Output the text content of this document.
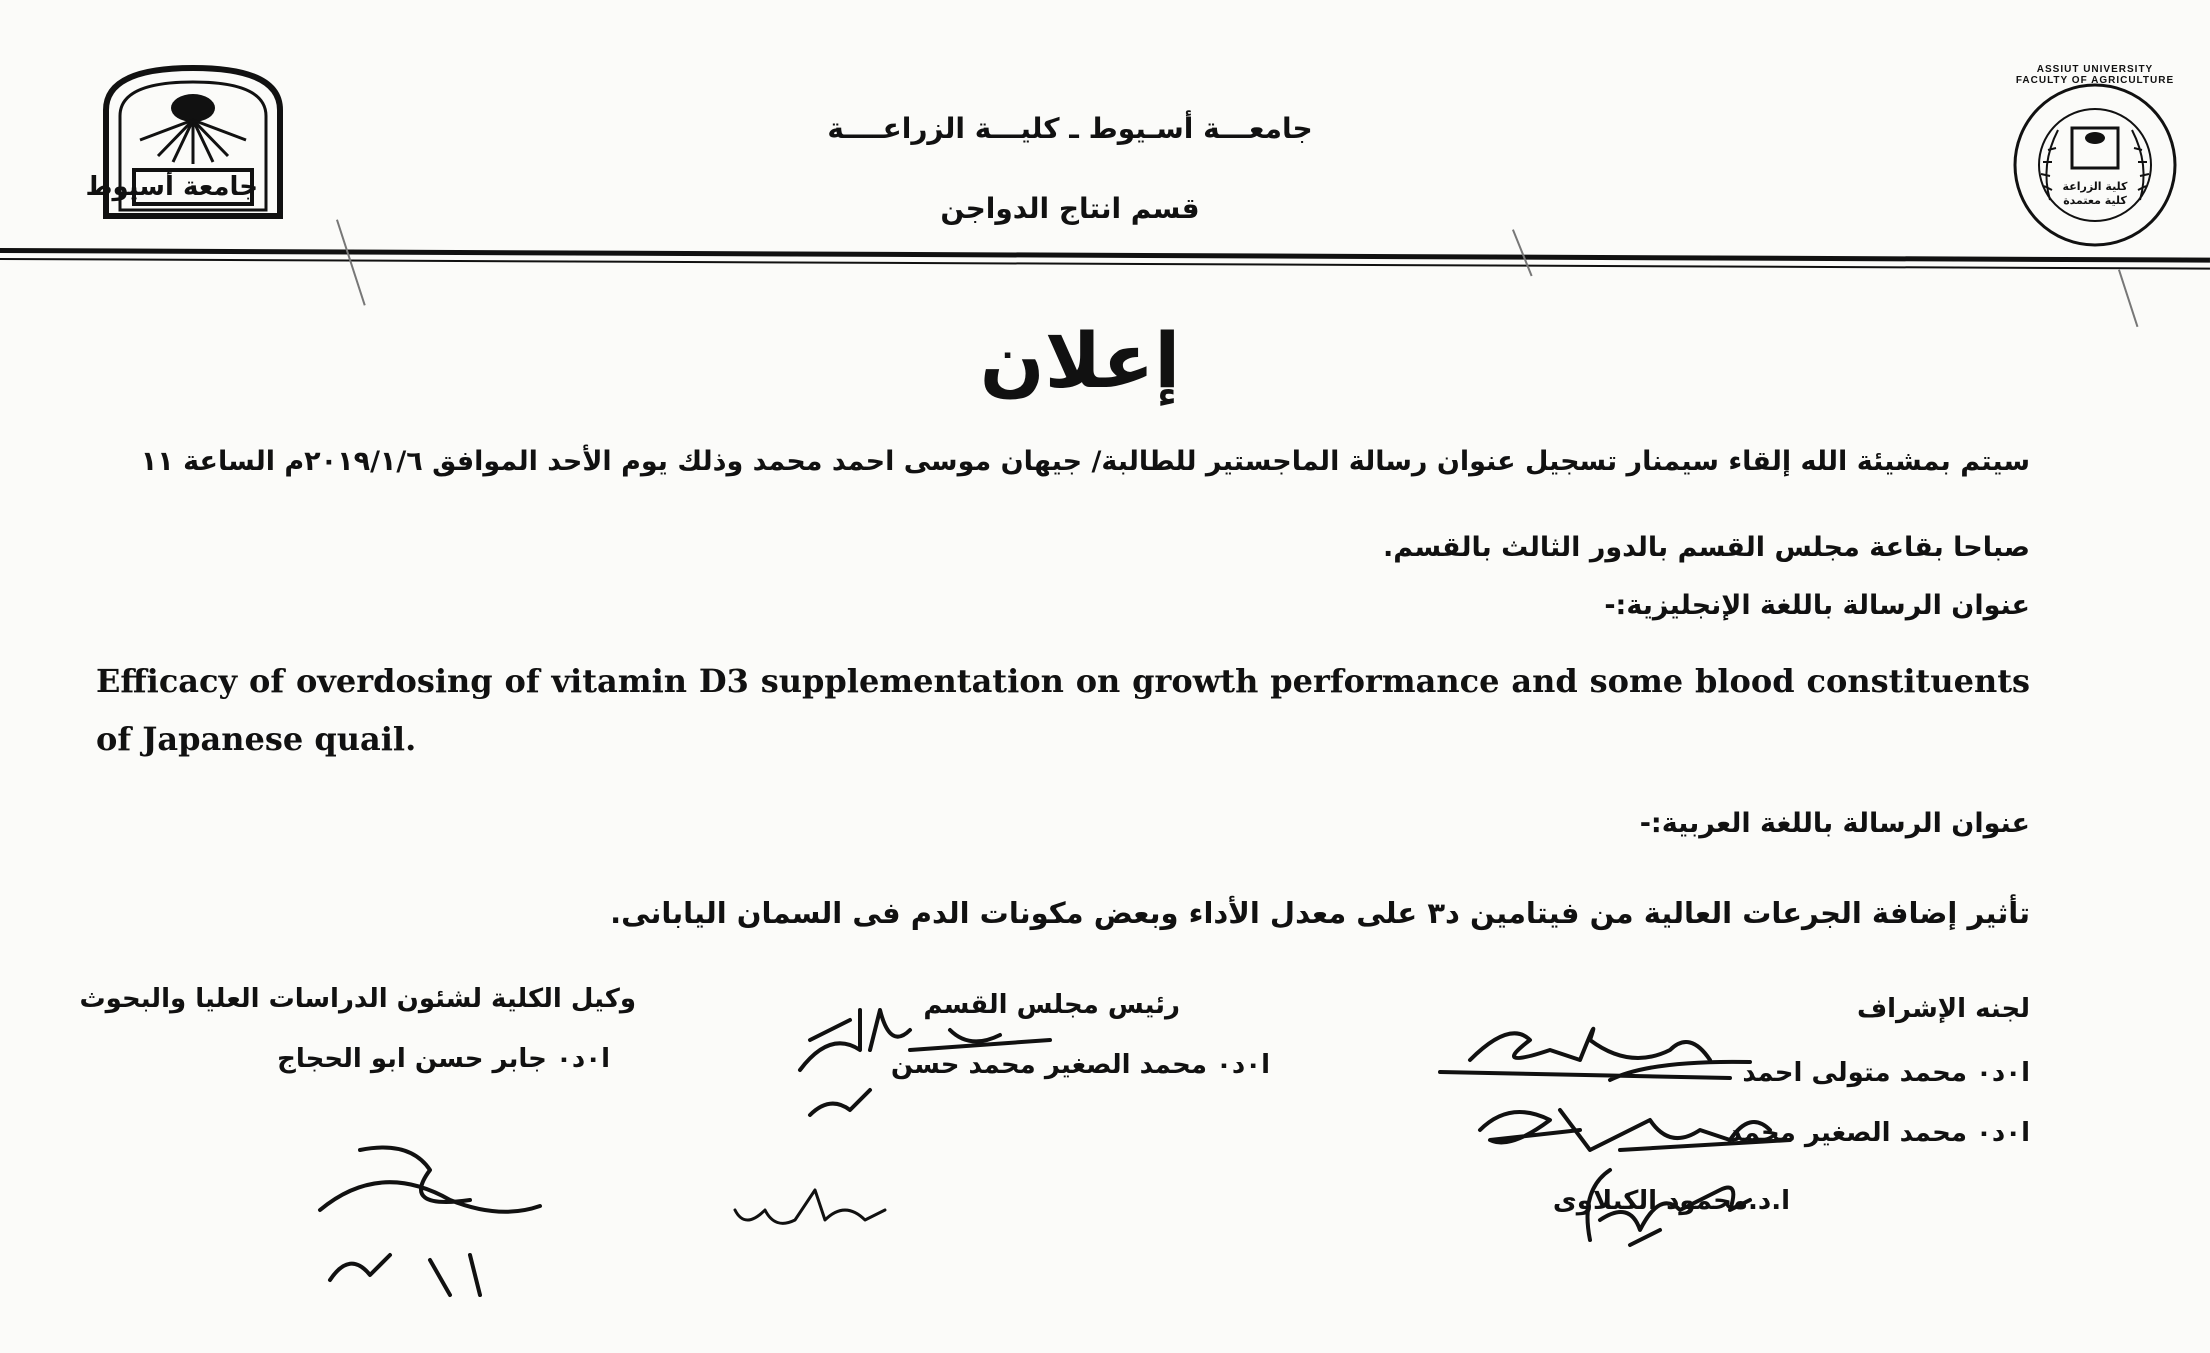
جامعة أسيوط
جامعـــة أسـيوط ـ كليـــة الزراعــــة
قسم انتاج الدواجن
كلية الزراعة كلية معتمدة
ASSIUT UNIVERSITY FACULTY OF AGRICULTURE
إعلان
سيتم بمشيئة الله إلقاء سيمنار تسجيل عنوان رسالة الماجستير للطالبة/ جيهان موسى احمد محمد وذلك يوم الأحد الموافق ٢٠١٩/١/٦م الساعة ١١
صباحا بقاعة مجلس القسم بالدور الثالث بالقسم.
عنوان الرسالة باللغة الإنجليزية:-
Efficacy of overdosing of vitamin D3 supplementation on growth performance and some blood constituents of Japanese quail.
عنوان الرسالة باللغة العربية:-
تأثير إضافة الجرعات العالية من فيتامين د٣ على معدل الأداء وبعض مكونات الدم فى السمان اليابانى.
لجنه الإشراف
ا٠د٠ محمد متولى احمد
ا٠د٠ محمد الصغير محمد
ا.د.محمود الكيلاوى
رئيس مجلس القسم
ا٠د٠ محمد الصغير محمد حسن
وكيل الكلية لشئون الدراسات العليا والبحوث
ا٠د٠ جابر حسن ابو الحجاج
